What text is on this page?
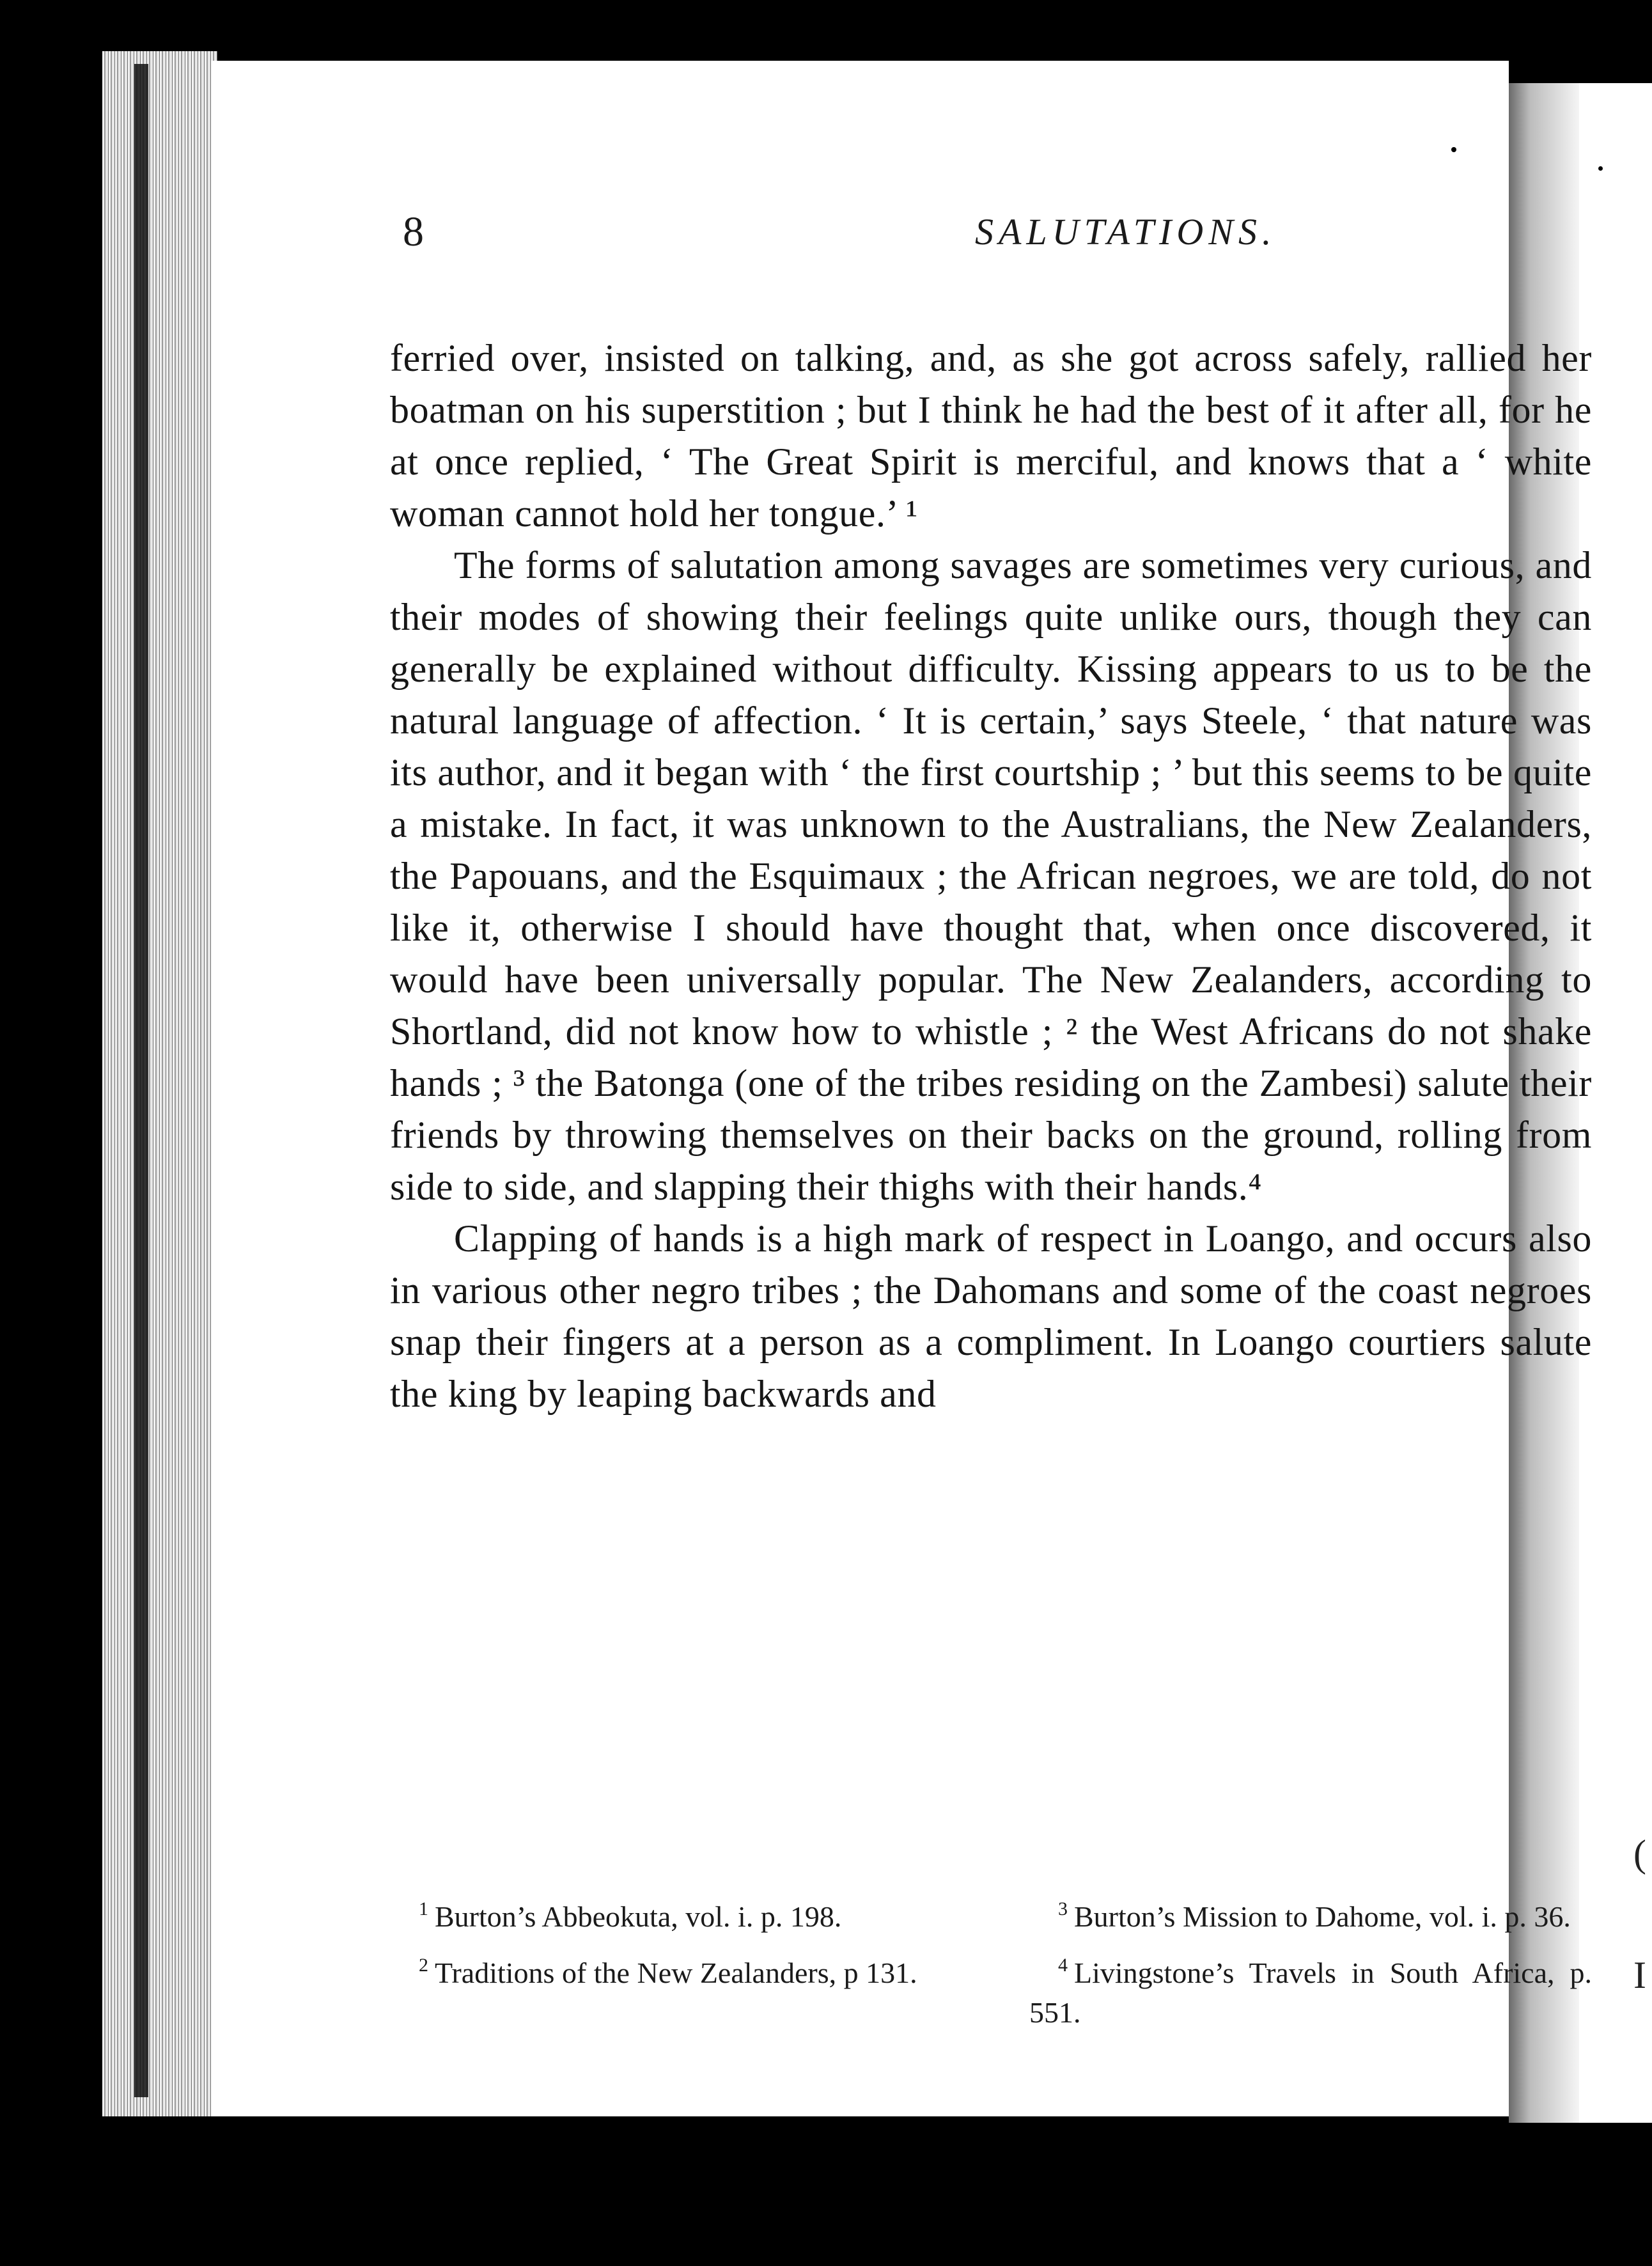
(
I
8	SALUTATIONS.

ferried over, insisted on talking, and, as she got across safely, rallied her boatman on his superstition ; but I think he had the best of it after all, for he at once replied, ‘ The Great Spirit is merciful, and knows that a ‘ white woman cannot hold her tongue.’ ¹

The forms of salutation among savages are sometimes very curious, and their modes of showing their feelings quite unlike ours, though they can generally be explained without difficulty. Kissing appears to us to be the natural language of affection. ‘ It is certain,’ says Steele, ‘ that nature was its author, and it began with ‘ the first courtship ; ’ but this seems to be quite a mistake. In fact, it was unknown to the Australians, the New Zealanders, the Papouans, and the Esquimaux ; the African negroes, we are told, do not like it, otherwise I should have thought that, when once discovered, it would have been universally popular. The New Zealanders, according to Shortland, did not know how to whistle ; ² the West Africans do not shake hands ; ³ the Batonga (one of the tribes residing on the Zambesi) salute their friends by throwing themselves on their backs on the ground, rolling from side to side, and slapping their thighs with their hands.⁴

Clapping of hands is a high mark of respect in Loango, and occurs also in various other negro tribes ; the Dahomans and some of the coast negroes snap their fingers at a person as a compliment. In Loango courtiers salute the king by leaping backwards and

1 Burton’s Abbeokuta, vol. i. p. 198.

2 Traditions of the New Zealanders, p 131.

3 Burton’s Mission to Dahome, vol. i. p. 36.

4 Livingstone’s Travels in South Africa, p. 551.
